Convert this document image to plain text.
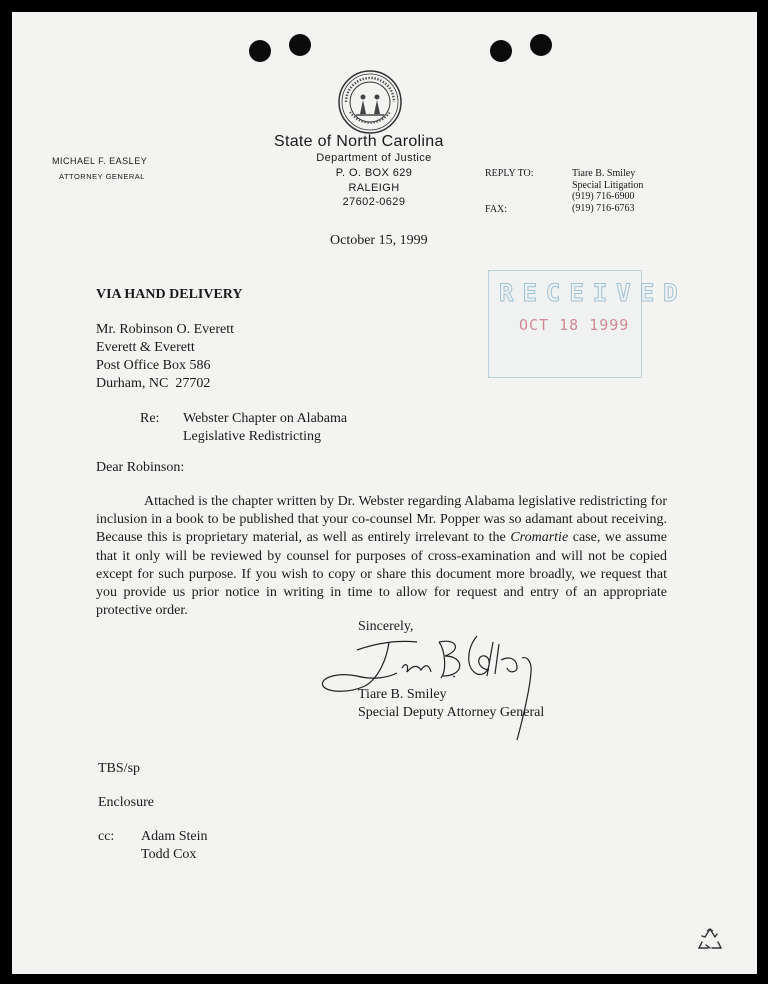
State of North Carolina
Department of Justice
P. O. BOX 629
RALEIGH
27602-0629
MICHAEL F. EASLEY
ATTORNEY GENERAL	REPLY TO:	Tiare B. Smiley
Special Litigation
(919) 716-6900
FAX:	(919) 716-6763
October 15, 1999
VIA HAND DELIVERY
Mr. Robinson O. Everett
Everett & Everett
Post Office Box 586
Durham, NC  27702
RECEIVED
OCT 18 1999
Re: Webster Chapter on Alabama
Legislative Redistricting
Dear Robinson:
Attached is the chapter written by Dr. Webster regarding Alabama legislative redistricting for inclusion in a book to be published that your co-counsel Mr. Popper was so adamant about receiving. Because this is proprietary material, as well as entirely irrelevant to the Cromartie case, we assume that it only will be reviewed by counsel for purposes of cross-examination and will not be copied except for such purpose. If you wish to copy or share this document more broadly, we request that you provide us prior notice in writing in time to allow for request and entry of an appropriate protective order.
Sincerely,
Tiare B. Smiley
Special Deputy Attorney General
TBS/sp
Enclosure
cc: Adam Stein
Todd Cox
